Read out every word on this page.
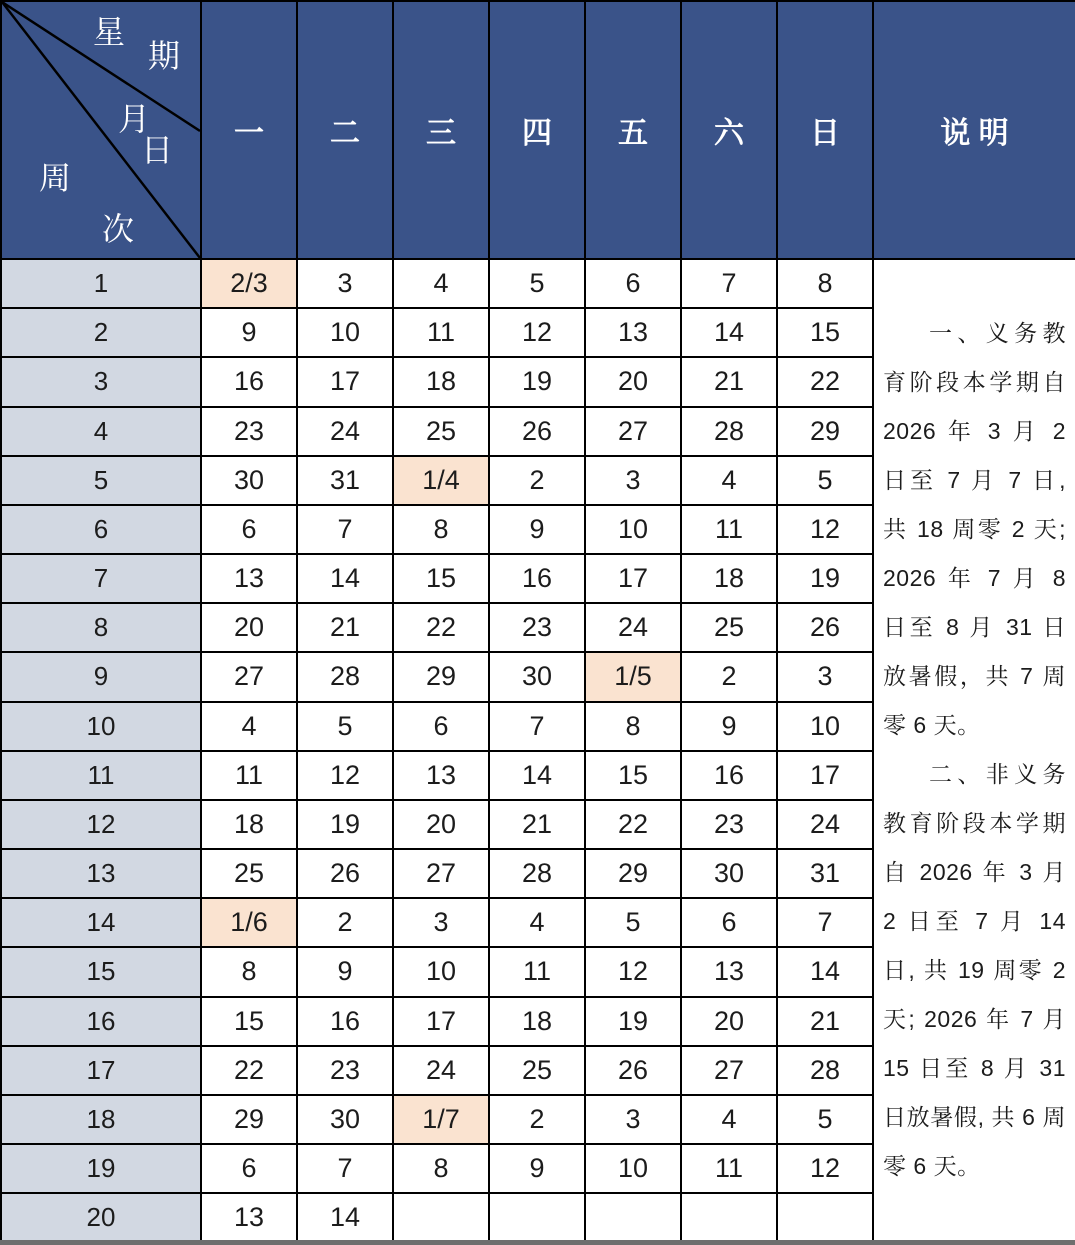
星
期
月
日
周
次
	一	二	三	四	五	六	日	说 明
1	2/3	3	4	5	6	7	8	一、义务教育阶段本学期自 2026 年 3 月 2 日至 7 月 7 日, 共 18 周零 2 天; 2026 年 7 月 8 日至 8 月 31 日放暑假，共 7 周零 6 天。

二、非义务教育阶段本学期自 2026 年 3 月 2 日至 7 月 14 日, 共 19 周零 2 天; 2026 年 7 月 15 日至 8 月 31 日放暑假, 共 6 周零 6 天。

2	9	10	11	12	13	14	15	
3	16	17	18	19	20	21	22	
4	23	24	25	26	27	28	29	
5	30	31	1/4	2	3	4	5	
6	6	7	8	9	10	11	12	
7	13	14	15	16	17	18	19	
8	20	21	22	23	24	25	26	
9	27	28	29	30	1/5	2	3	
10	4	5	6	7	8	9	10	
11	11	12	13	14	15	16	17	
12	18	19	20	21	22	23	24	
13	25	26	27	28	29	30	31	
14	1/6	2	3	4	5	6	7	
15	8	9	10	11	12	13	14	
16	15	16	17	18	19	20	21	
17	22	23	24	25	26	27	28	
18	29	30	1/7	2	3	4	5	
19	6	7	8	9	10	11	12	
20	13	14						
